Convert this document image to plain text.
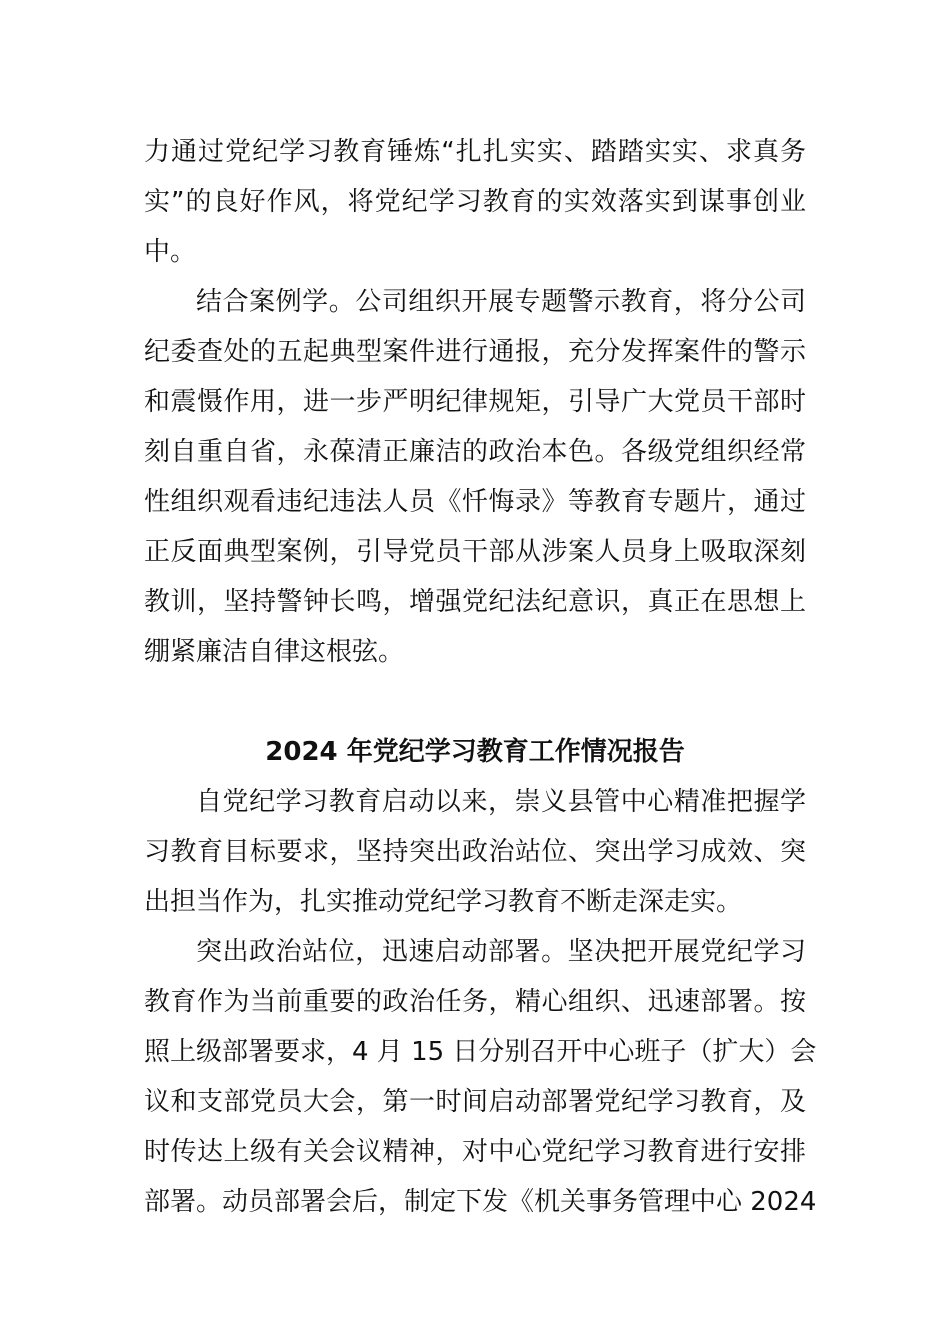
力通过党纪学习教育锤炼“扎扎实实、踏踏实实、求真务
实”的良好作风，将党纪学习教育的实效落实到谋事创业
中。

结合案例学。公司组织开展专题警示教育，将分公司
纪委查处的五起典型案件进行通报，充分发挥案件的警示
和震慑作用，进一步严明纪律规矩，引导广大党员干部时
刻自重自省，永葆清正廉洁的政治本色。各级党组织经常
性组织观看违纪违法人员《忏悔录》等教育专题片，通过
正反面典型案例，引导党员干部从涉案人员身上吸取深刻
教训，坚持警钟长鸣，增强党纪法纪意识，真正在思想上
绷紧廉洁自律这根弦。

2024 年党纪学习教育工作情况报告

自党纪学习教育启动以来，崇义县管中心精准把握学
习教育目标要求，坚持突出政治站位、突出学习成效、突
出担当作为，扎实推动党纪学习教育不断走深走实。

突出政治站位，迅速启动部署。坚决把开展党纪学习
教育作为当前重要的政治任务，精心组织、迅速部署。按
照上级部署要求，4 月 15 日分别召开中心班子（扩大）会
议和支部党员大会，第一时间启动部署党纪学习教育，及
时传达上级有关会议精神，对中心党纪学习教育进行安排
部署。动员部署会后，制定下发《机关事务管理中心 2024
